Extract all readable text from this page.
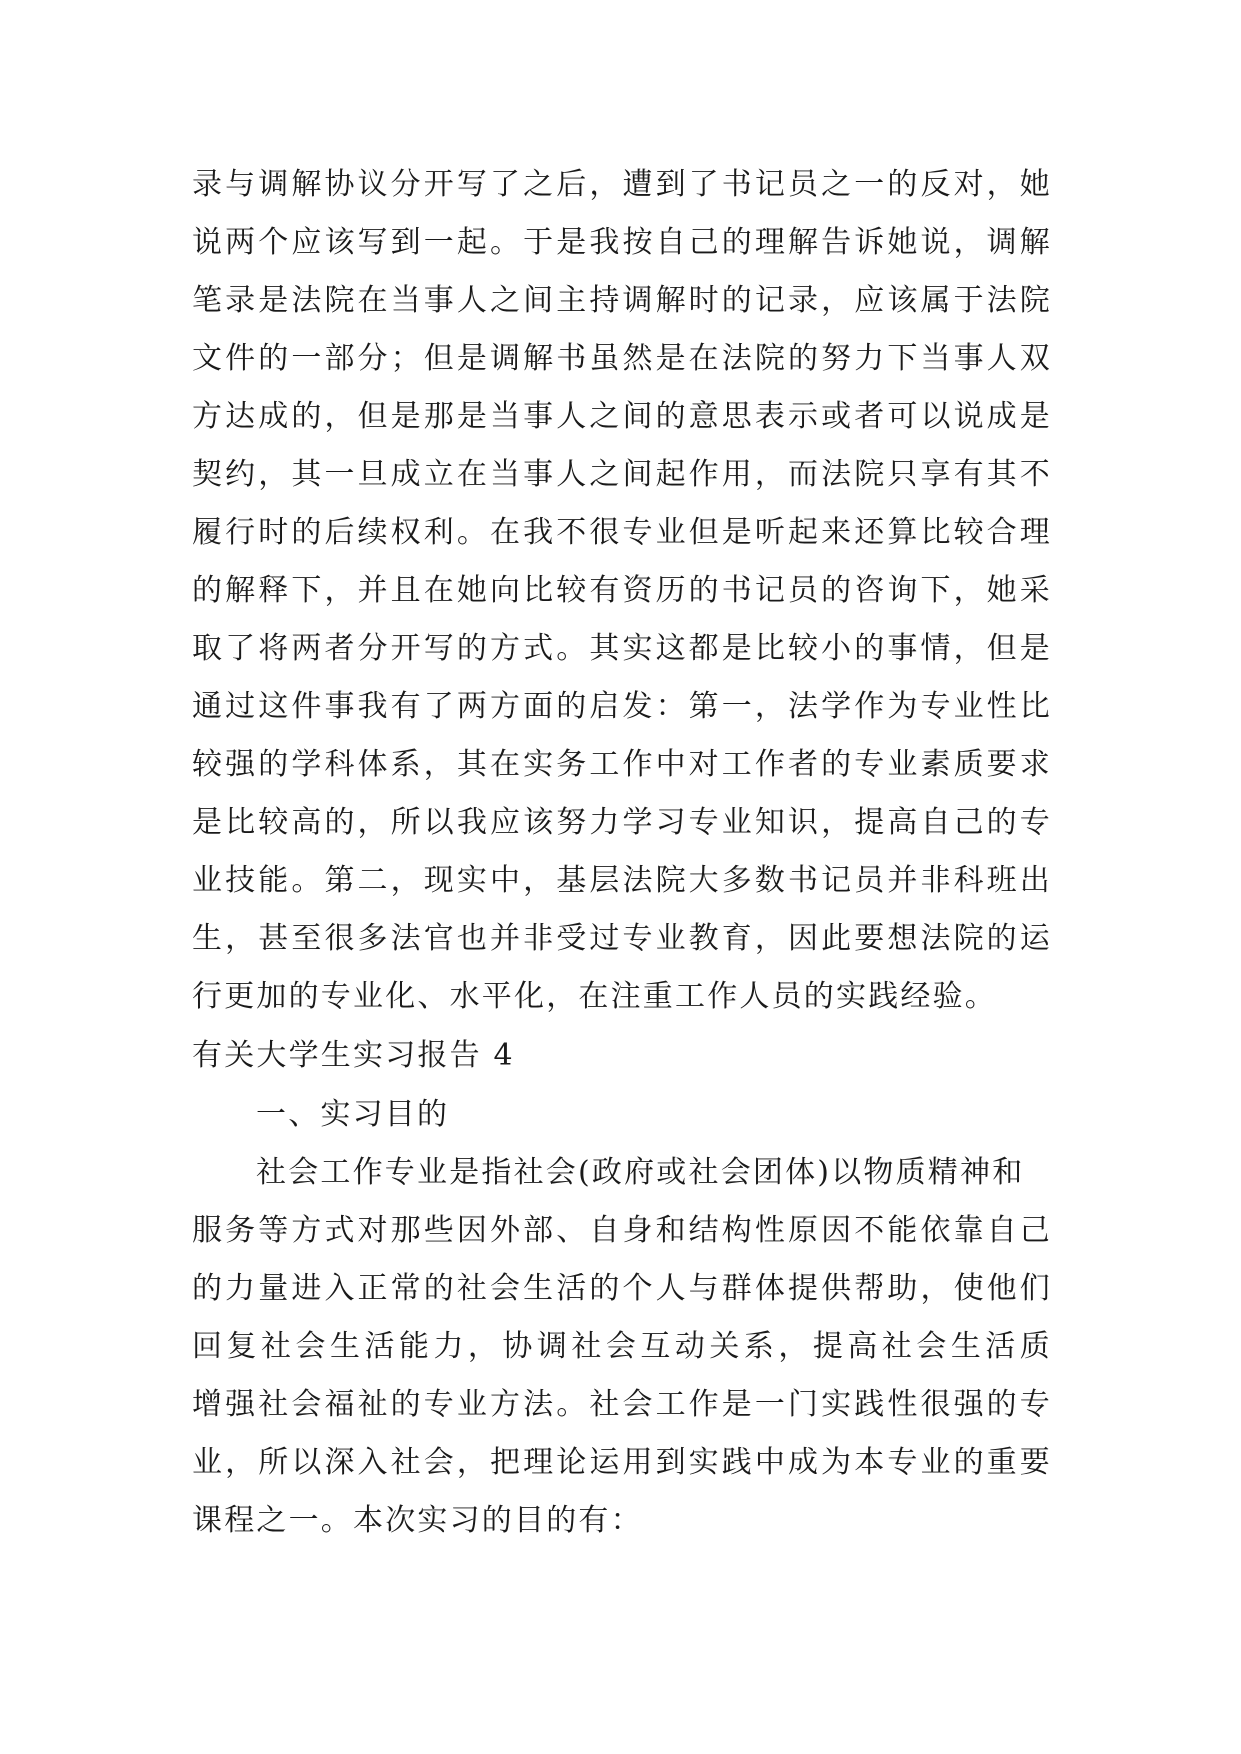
录与调解协议分开写了之后，遭到了书记员之一的反对，她
说两个应该写到一起。于是我按自己的理解告诉她说，调解
笔录是法院在当事人之间主持调解时的记录，应该属于法院
文件的一部分；但是调解书虽然是在法院的努力下当事人双
方达成的，但是那是当事人之间的意思表示或者可以说成是
契约，其一旦成立在当事人之间起作用，而法院只享有其不
履行时的后续权利。在我不很专业但是听起来还算比较合理
的解释下，并且在她向比较有资历的书记员的咨询下，她采
取了将两者分开写的方式。其实这都是比较小的事情，但是
通过这件事我有了两方面的启发：第一，法学作为专业性比
较强的学科体系，其在实务工作中对工作者的专业素质要求
是比较高的，所以我应该努力学习专业知识，提高自己的专
业技能。第二，现实中，基层法院大多数书记员并非科班出
生，甚至很多法官也并非受过专业教育，因此要想法院的运
行更加的专业化、水平化，在注重工作人员的实践经验。
有关大学生实习报告 4
一、实习目的
社会工作专业是指社会(政府或社会团体)以物质精神和
服务等方式对那些因外部、自身和结构性原因不能依靠自己
的力量进入正常的社会生活的个人与群体提供帮助，使他们
回复社会生活能力，协调社会互动关系，提高社会生活质
增强社会福祉的专业方法。社会工作是一门实践性很强的专
业，所以深入社会，把理论运用到实践中成为本专业的重要
课程之一。本次实习的目的有：
